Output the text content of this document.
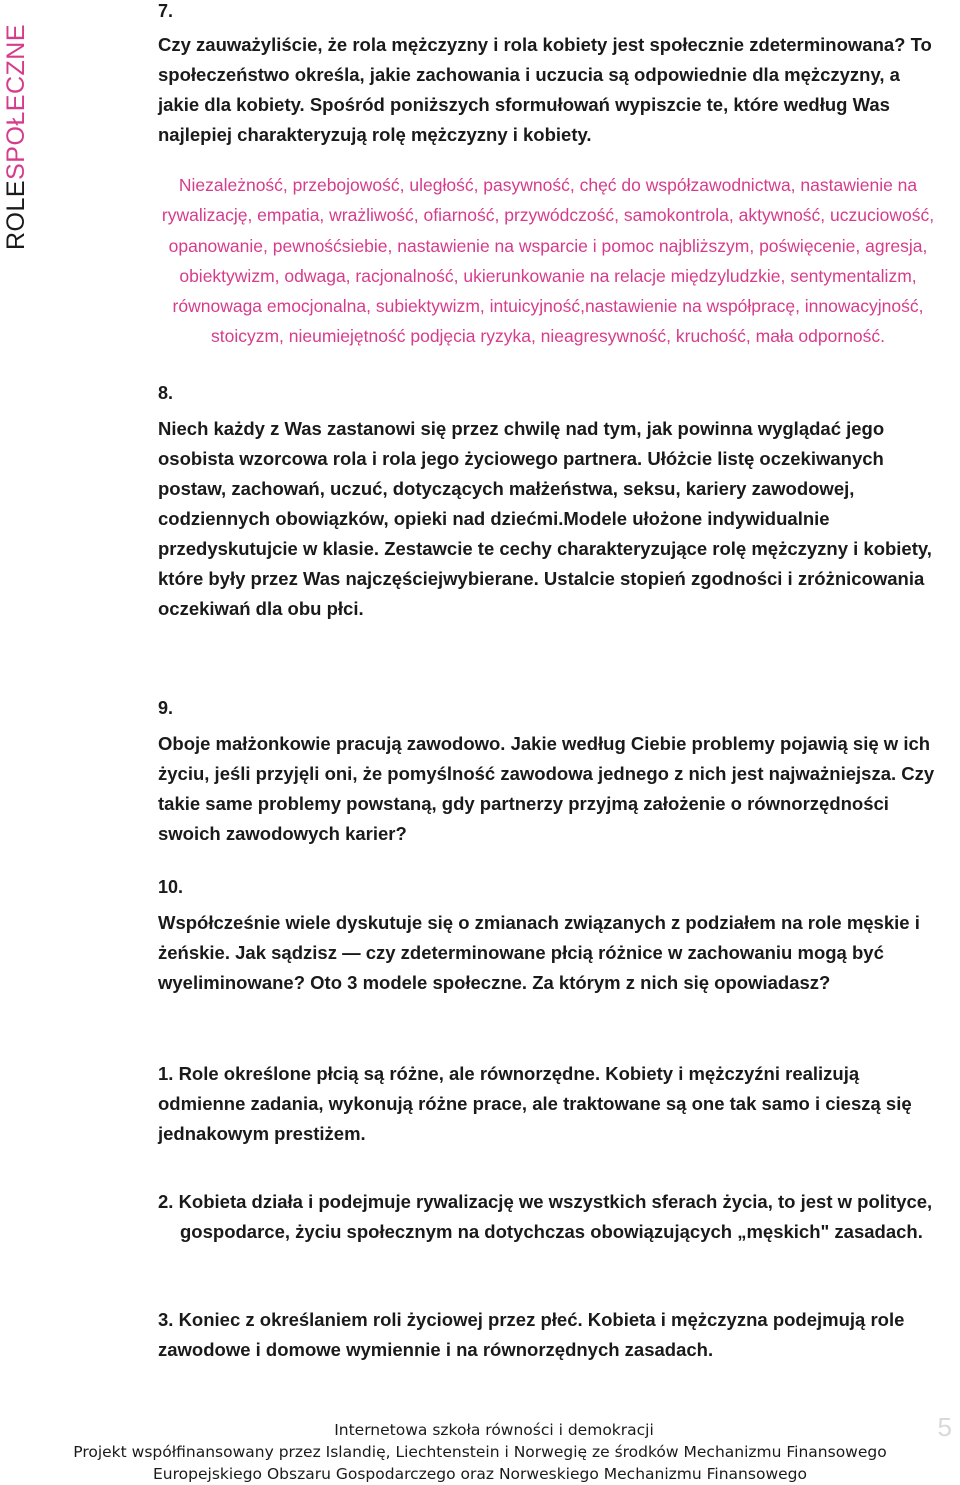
ROLESPOŁECZNE

7.

Czy zauważyliście, że rola mężczyzny i rola kobiety jest społecznie zdeterminowana? To społeczeństwo określa, jakie zachowania i uczucia są odpowiednie dla mężczyzny, a jakie dla kobiety. Spośród poniższych sformułowań wypiszcie te, które według Was najlepiej charakteryzują rolę mężczyzny i kobiety.

Niezależność, przebojowość, uległość, pasywność, chęć do współzawodnictwa, nastawienie na rywalizację, empatia, wrażliwość, ofiarność, przywódczość, samokontrola, aktywność, uczuciowość, opanowanie, pewnośćsiebie, nastawienie na wsparcie i pomoc najbliższym, poświęcenie, agresja, obiektywizm, odwaga, racjonalność, ukierunkowanie na relacje międzyludzkie, sentymentalizm, równowaga emocjonalna, subiektywizm, intuicyjność,nastawienie na współpracę, innowacyjność, stoicyzm, nieumiejętność podjęcia ryzyka, nieagresywność, kruchość, mała odporność.

8.

Niech każdy z Was zastanowi się przez chwilę nad tym, jak powinna wyglądać jego osobista wzorcowa rola i rola jego życiowego partnera. Ułóżcie listę oczekiwanych postaw, zachowań, uczuć, dotyczących małżeństwa, seksu, kariery zawodowej, codziennych obowiązków, opieki nad dziećmi.Modele ułożone indywidualnie przedyskutujcie w klasie. Zestawcie te cechy charakteryzujące rolę mężczyzny i kobiety, które były przez Was najczęściejwybierane. Ustalcie stopień zgodności i zróżnicowania oczekiwań dla obu płci.

9.

Oboje małżonkowie pracują zawodowo. Jakie według Ciebie problemy pojawią się w ich życiu, jeśli przyjęli oni, że pomyślność zawodowa jednego z nich jest najważniejsza. Czy takie same problemy powstaną, gdy partnerzy przyjmą założenie o równorzędności swoich zawodowych karier?

10.

Współcześnie wiele dyskutuje się o zmianach związanych z podziałem na role męskie i żeńskie. Jak sądzisz — czy zdeterminowane płcią różnice w zachowaniu mogą być wyeliminowane? Oto 3 modele społeczne. Za którym z nich się opowiadasz?

1. Role określone płcią są różne, ale równorzędne. Kobiety i mężczyźni realizują odmienne zadania, wykonują różne prace, ale traktowane są one tak samo i cieszą się jednakowym prestiżem.

2. Kobieta działa i podejmuje rywalizację we wszystkich sferach życia, to jest w polityce, gospodarce, życiu społecznym na dotychczas obowiązujących „męskich" zasadach.

3. Koniec z określaniem roli życiowej przez płeć. Kobieta i mężczyzna podejmują role zawodowe i domowe wymiennie i na równorzędnych zasadach.

Internetowa szkoła równości i demokracji
Projekt współfinansowany przez Islandię, Liechtenstein i Norwegię ze środków Mechanizmu Finansowego
Europejskiego Obszaru Gospodarczego oraz Norweskiego Mechanizmu Finansowego
5
